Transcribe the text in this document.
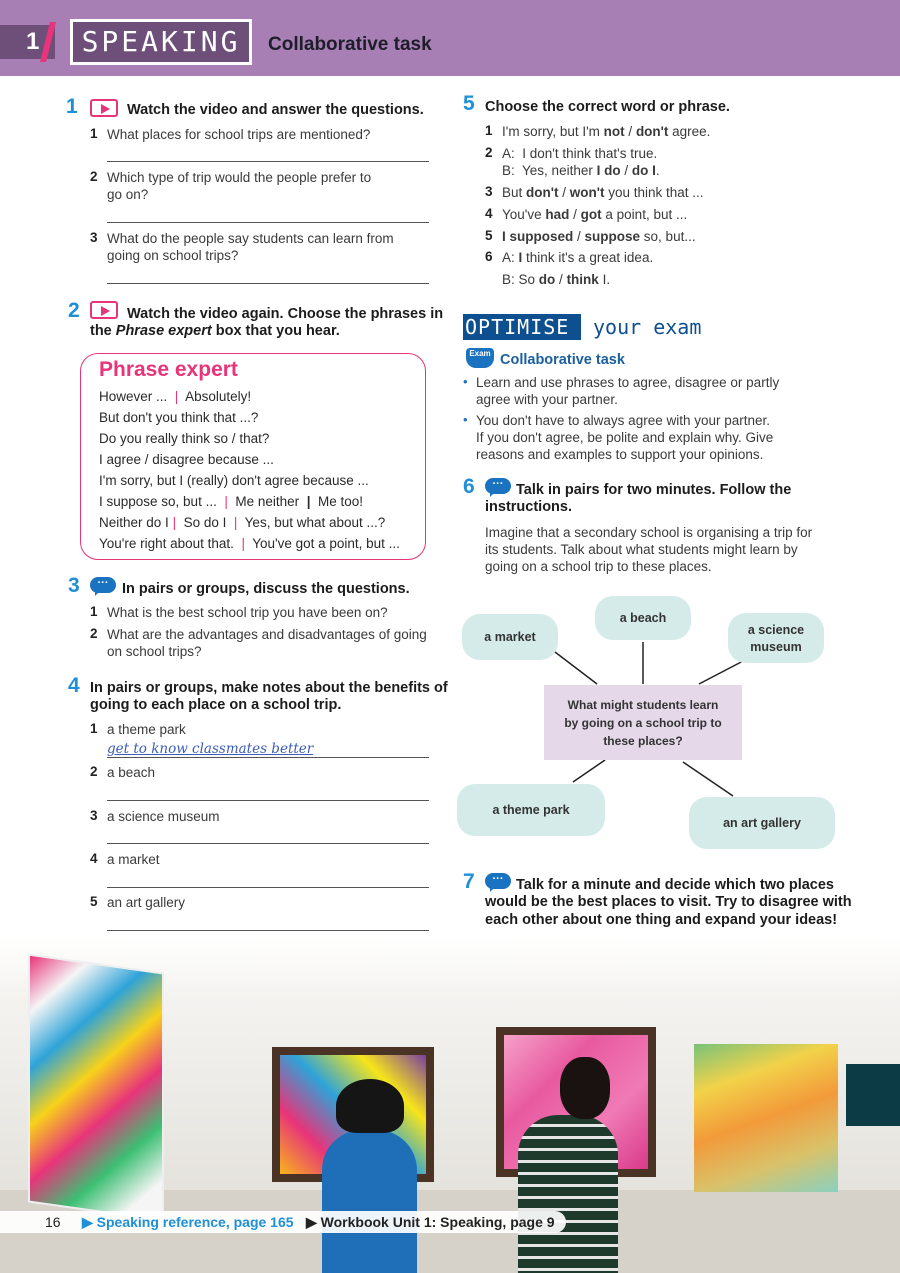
1	SPEAKING	Collaborative task
1	Watch the video and answer the questions.
1 What places for school trips are mentioned?
2 Which type of trip would the people prefer to
go on?
3 What do the people say students can learn from
going on school trips?
2	Watch the video again. Choose the phrases in
the Phrase expert box that you hear.
Phrase expert
However ... | Absolutely!
But don't you think that ...?
Do you really think so / that?
I agree / disagree because ...
I'm sorry, but I (really) don't agree because ...
I suppose so, but ... | Me neither | Me too!
Neither do I | So do I | Yes, but what about ...?
You're right about that. | You've got a point, but ...
3	··· In pairs or groups, discuss the questions.
1 What is the best school trip you have been on?
2 What are the advantages and disadvantages of going
on school trips?
4 In pairs or groups, make notes about the benefits of
going to each place on a school trip.
1 a theme park
get to know classmates better
2 a beach
3 a science museum
4 a market
5 an art gallery
5 Choose the correct word or phrase.
1 I'm sorry, but I'm not / don't agree.
2 A: I don't think that's true.
B: Yes, neither I do / do I.
3 But don't / won't you think that ...
4 You've had / got a point, but ...
5 I supposed / suppose so, but...
6 A: I think it's a great idea.
B: So do / think I.
OPTIMISE your exam
Exam Collaborative task
• Learn and use phrases to agree, disagree or partly
agree with your partner.
• You don't have to always agree with your partner.
If you don't agree, be polite and explain why. Give
reasons and examples to support your opinions.
6	··· Talk in pairs for two minutes. Follow the
instructions.
Imagine that a secondary school is organising a trip for
its students. Talk about what students might learn by
going on a school trip to these places.
a market
a beach
a science
museum
What might students learn
by going on a school trip to
these places?
a theme park
an art gallery
7	··· Talk for a minute and decide which two places
would be the best places to visit. Try to disagree with
each other about one thing and expand your ideas!
16 ▶ Speaking reference, page 165 ▶ Workbook Unit 1: Speaking, page 9
